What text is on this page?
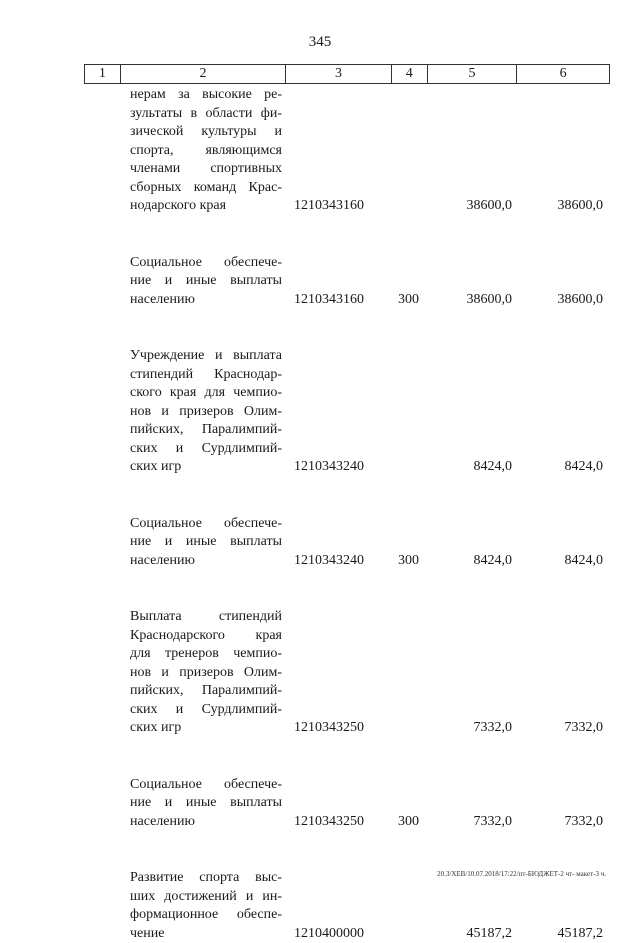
345
1	2	3	4	5	6
нерам за высокие ре-
зультаты в области фи-
зической культуры и
спорта, являющимся
членами спортивных
сборных команд Крас-
нодарского края	1210343160	38600,0	38600,0
Социальное обеспече-
ние и иные выплаты
населению	1210343160 300	38600,0	38600,0
Учреждение и выплата
стипендий Краснодар-
ского края для чемпио-
нов и призеров Олим-
пийских, Паралимпий-
ских и Сурдлимпий-
ских игр	1210343240	8424,0	8424,0
Социальное обеспече-
ние и иные выплаты
населению	1210343240 300	8424,0	8424,0
Выплата стипендий
Краснодарского края
для тренеров чемпио-
нов и призеров Олим-
пийских, Паралимпий-
ских и Сурдлимпий-
ских игр	1210343250	7332,0	7332,0
Социальное обеспече-
ние и иные выплаты
населению	1210343250 300	7332,0	7332,0
Развитие спорта выс-
ших достижений и ин-
формационное обеспе-
чение	1210400000	45187,2	45187,2
20.3/ХЕВ/10.07.2018/17:22/пт-БЮДЖЕТ-2 чт- макет-3 ч.
